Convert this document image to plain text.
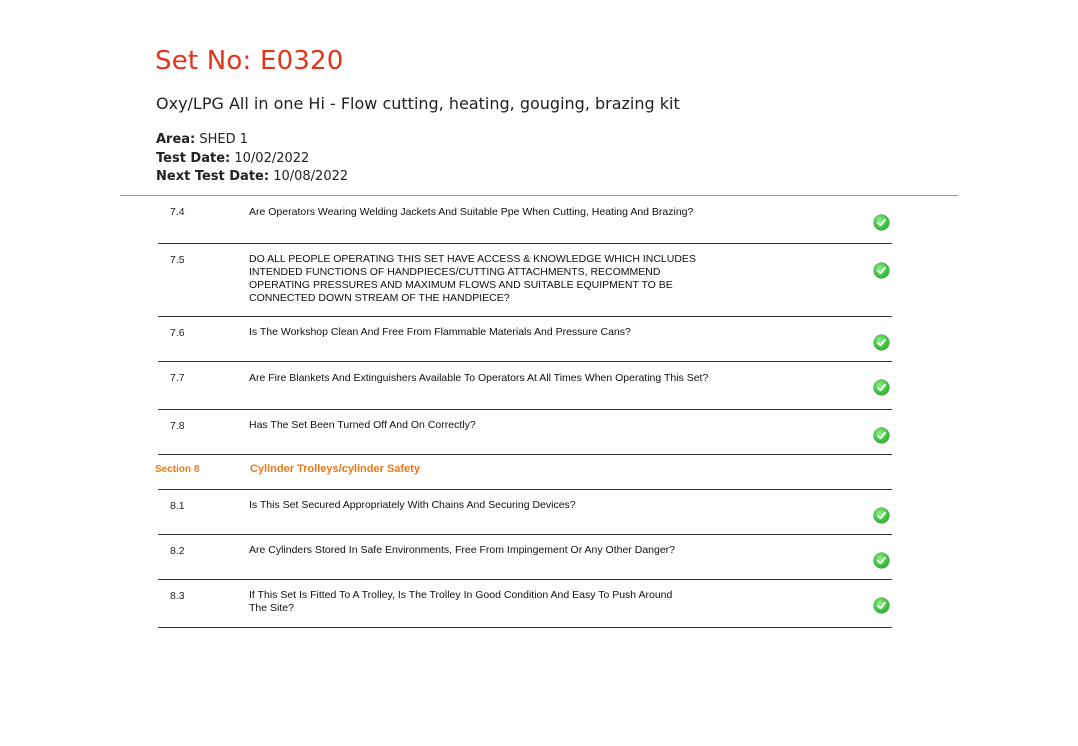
Set No: E0320
Oxy/LPG All in one Hi - Flow cutting, heating, gouging, brazing kit
Area: SHED 1
Test Date: 10/02/2022
Next Test Date: 10/08/2022
7.4	Are Operators Wearing Welding Jackets And Suitable Ppe When Cutting, Heating And Brazing?
7.5	DO ALL PEOPLE OPERATING THIS SET HAVE ACCESS & KNOWLEDGE WHICH INCLUDES INTENDED FUNCTIONS OF HANDPIECES/CUTTING ATTACHMENTS, RECOMMEND OPERATING PRESSURES AND MAXIMUM FLOWS AND SUITABLE EQUIPMENT TO BE CONNECTED DOWN STREAM OF THE HANDPIECE?
7.6	Is The Workshop Clean And Free From Flammable Materials And Pressure Cans?
7.7	Are Fire Blankets And Extinguishers Available To Operators At All Times When Operating This Set?
7.8	Has The Set Been Turned Off And On Correctly?
Section 8	Cylinder Trolleys/cylinder Safety
8.1	Is This Set Secured Appropriately With Chains And Securing Devices?
8.2	Are Cylinders Stored In Safe Environments, Free From Impingement Or Any Other Danger?
8.3	If This Set Is Fitted To A Trolley, Is The Trolley In Good Condition And Easy To Push Around The Site?
